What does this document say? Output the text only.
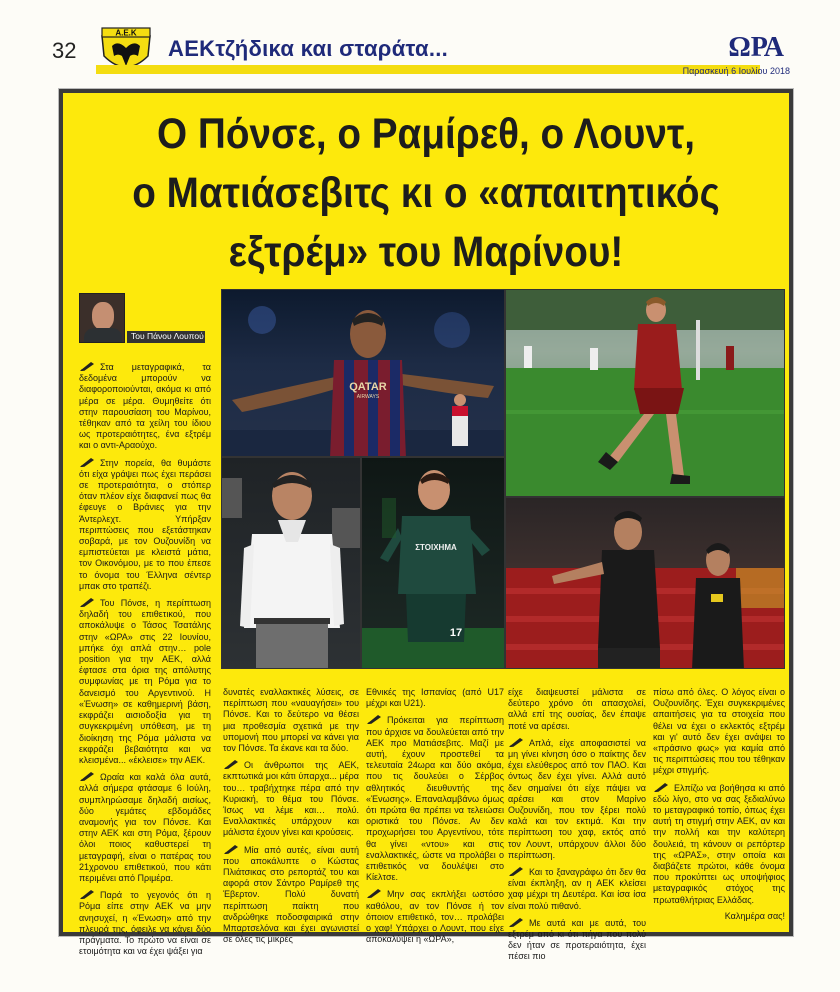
32
Α.Ε.Κ
AEKτζήδικα και σταράτα...	ΩΡΑ
Παρασκευή 6 Ιουλίου 2018
Ο Πόνσε, ο Ραμίρεθ, ο Λουντ,
ο Ματιάσεβιτς κι ο «απαιτητικός
εξτρέμ» του Μαρίνου!
Του Πάνου Λουπού
QATAR
AIRWAYS
ΣΤΟΙΧΗΜΑ
17

Στα μεταγραφικά, τα δεδομένα μπορούν να διαφοροποιούνται, ακόμα κι από μέρα σε μέρα. Θυμηθείτε ότι στην παρουσίαση του Μαρίνου, τέθηκαν από τα χείλη του ίδιου ως προτεραιότητες, ένα εξτρέμ και ο αντι-Αραούχο.

Στην πορεία, θα θυμάστε ότι είχα γράψει πως έχει περάσει σε προτεραιότητα, ο στόπερ όταν πλέον είχε διαφανεί πως θα έφευγε ο Βράνιες για την Άντερλεχτ. Υπήρξαν περιπτώσεις που εξετάστηκαν σοβαρά, με τον Ουζουνίδη να εμπιστεύεται με κλειστά μάτια, τον Οικονόμου, με το που έπεσε το όνομα του Έλληνα σέντερ μπακ στο τραπέζι.

Του Πόνσε, η περίπτωση δηλαδή του επιθετικού, που αποκάλυψε ο Τάσος Τσατάλης στην «ΩΡΑ» στις 22 Ιουνίου, μπήκε όχι απλά στην… pole position για την ΑΕΚ, αλλά έφτασε στα όρια της απόλυτης συμφωνίας με τη Ρόμα για το δανεισμό του Αργεντινού. Η «Ένωση» σε καθημερινή βάση, εκφράζει αισιοδοξία για τη συγκεκριμένη υπόθεση, με τη διοίκηση της Ρόμα μάλιστα να εκφράζει βεβαιότητα και να κλεισμένα... «έκλεισε» την ΑΕΚ.

Ωραία και καλά όλα αυτά, αλλά σήμερα φτάσαμε 6 Ιούλη, συμπληρώσαμε δηλαδή αισίως, δύο γεμάτες εβδομάδες αναμονής για τον Πόνσε. Και στην ΑΕΚ και στη Ρόμα, ξέρουν όλοι ποιος καθυστερεί τη μεταγραφή, είναι ο πατέρας του 21χρονου επιθετικού, που κάτι περιμένει από Πριμέρα.

Παρά το γεγονός ότι η Ρόμα είπε στην ΑΕΚ να μην ανησυχεί, η «Ένωση» από την πλευρά της, όφειλε να κάνει δύο πράγματα. Το πρώτο να είναι σε ετοιμότητα και να έχει ψάξει για

δυνατές εναλλακτικές λύσεις, σε περίπτωση που «ναυαγήσει» του Πόνσε. Και το δεύτερο να θέσει μια προθεσμία σχετικά με την υπομονή που μπορεί να κάνει για τον Πόνσε. Τα έκανε και τα δύο.

Οι άνθρωποι της ΑΕΚ, εκπτωτικά μοι κάτι ύπαρχα... μέρα του… τραβήχτηκε πέρα από την Κυριακή, το θέμα του Πόνσε. Ίσως να λέμε και… πολύ. Εναλλακτικές υπάρχουν και μάλιστα έχουν γίνει και κρούσεις.

Μία από αυτές, είναι αυτή που αποκάλυπτε ο Κώστας Πλιάτσικας στο ρεπορτάζ του και αφορά στον Σάντρο Ραμίρεθ της Έβερτον. Πολύ δυνατή περίπτωση παίκτη που ανδρώθηκε ποδοσφαιρικά στην Μπαρτσελόνα και έχει αγωνιστεί σε όλες τις μικρές

Εθνικές της Ισπανίας (από U17 μέχρι και U21).

Πρόκειται για περίπτωση που άρχισε να δουλεύεται από την ΑΕΚ προ Ματιάσεβιτς. Μαζί με αυτή, έχουν προστεθεί τα τελευταία 24ωρα και δύο ακόμα, που τις δουλεύει ο Σέρβος αθλητικός διευθυντής της «Ένωσης». Επαναλαμβάνω όμως ότι πρώτα θα πρέπει να τελειώσει οριστικά του Πόνσε. Αν δεν προχωρήσει του Αργεντίνου, τότε θα γίνει «ντου» και στις εναλλακτικές, ώστε να προλάβει ο επιθετικός να δουλέψει στο Κίελτσε.

Μην σας εκπλήξει ωστόσο καθόλου, αν τον Πόνσε ή τον όποιον επιθετικό, τον… προλάβει ο χαφ! Υπάρχει ο Λουντ, που είχε αποκαλύψει η «ΩΡΑ»,

είχε διαψευστεί μάλιστα σε δεύτερο χρόνο ότι απασχολεί, αλλά επί της ουσίας, δεν έπαψε ποτέ να αρέσει.

Απλά, είχε αποφασιστεί να μη γίνει κίνηση όσο ο παίκτης δεν έχει ελεύθερος από τον ΠΑΟ. Και όντως δεν έχει γίνει. Αλλά αυτό δεν σημαίνει ότι είχε πάψει να αρέσει και στον Μαρίνο Ουζουνίδη, που τον ξέρει πολύ καλά και τον εκτιμά. Και την περίπτωση του χαφ, εκτός από τον Λουντ, υπάρχουν άλλοι δύο περίπτωση.

Και το ξαναγράφω ότι δεν θα είναι έκπληξη, αν η ΑΕΚ κλείσει χαφ μέχρι τη Δευτέρα. Και ίσα ίσα είναι πολύ πιθανό.

Με αυτά και με αυτά, του εξτρέμ από κι ότι πήγα που πολύ δεν ήταν σε προτεραιότητα, έχει πέσει πιο

πίσω από όλες. Ο λόγος είναι ο Ουζουνίδης. Έχει συγκεκριμένες απαιτήσεις για τα στοιχεία που θέλει να έχει ο εκλεκτός εξτρέμ και γι' αυτό δεν έχει ανάψει το «πράσινο φως» για καμία από τις περιπτώσεις που του τέθηκαν μέχρι στιγμής.

Ελπίζω να βοήθησα κι από εδώ λίγο, στο να σας ξεδιαλύνω το μεταγραφικό τοπίο, όπως έχει αυτή τη στιγμή στην ΑΕΚ, αν και την πολλή και την καλύτερη δουλειά, τη κάνουν οι ρεπόρτερ της «ΩΡΑΣ», στην οποία και διαβάζετε πρώτοι, κάθε όνομα που προκύπτει ως υποψήφιος μεταγραφικός στόχος της πρωταθλήτριας Ελλάδας.

Καλημέρα σας!
